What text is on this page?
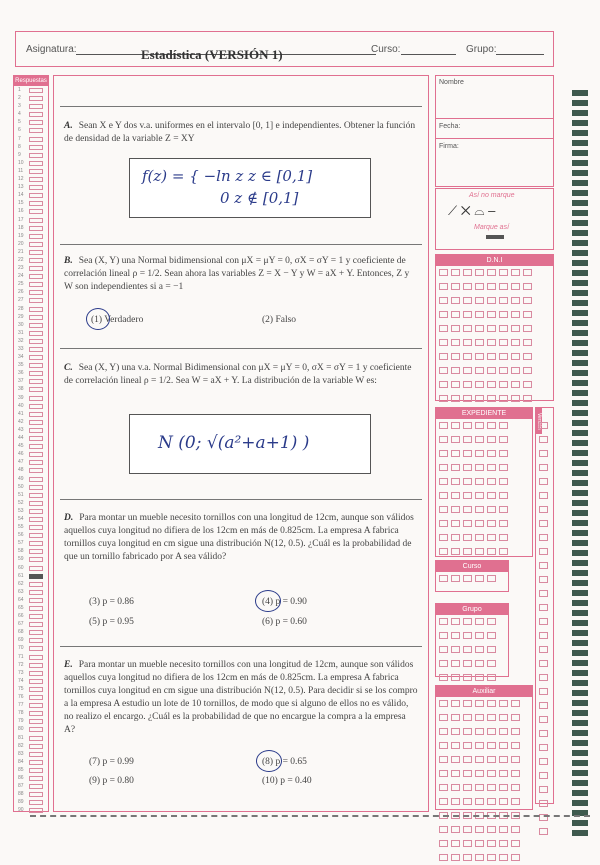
Asignatura:	Estadística (VERSIÓN 1)	Curso:	Grupo:
Respuestas
1
2
3
4
5
6
7
8
9
10
11
12
13
14
15
16
17
18
19
20
21
22
23
24
25
26
27
28
29
30
31
32
33
34
35
36
37
38
39
40
41
42
43
44
45
46
47
48
49
50
51
52
53
54
55
56
57
58
59
60
61
62
63
64
65
66
67
68
69
70
71
72
73
74
75
76
77
78
79
80
81
82
83
84
85
86
87
88
89
90
A. Sean X e Y dos v.a. uniformes en el intervalo [0, 1] e independientes. Obtener la función de densidad de la variable Z = XY
f(z) = { −ln z z ∈ [0,1]
0 z ∉ [0,1]
B. Sea (X, Y) una Normal bidimensional con μX = μY = 0, σX = σY = 1 y coeficiente de correlación lineal ρ = 1/2. Sean ahora las variables Z = X − Y y W = aX + Y. Entonces, Z y W son independientes si a = −1
(1) Verdadero	(2) Falso
C. Sea (X, Y) una v.a. Normal Bidimensional con μX = μY = 0, σX = σY = 1 y coeficiente de correlación lineal ρ = 1/2. Sea W = aX + Y. La distribución de la variable W es:
N (0; √(a²+a+1) )
D. Para montar un mueble necesito tornillos con una longitud de 12cm, aunque son válidos aquellos cuya longitud no difiera de los 12cm en más de 0.825cm. La empresa A fabrica tornillos cuya longitud en cm sigue una distribución N(12, 0.5). ¿Cuál es la probabilidad de que un tornillo fabricado por A sea válido?
(3) p = 0.86	(4) p = 0.90
(5) p = 0.95	(6) p = 0.60
E. Para montar un mueble necesito tornillos con una longitud de 12cm, aunque son válidos aquellos cuya longitud no difiera de los 12cm en más de 0.825cm. La empresa A fabrica tornillos cuya longitud en cm sigue una distribución N(12, 0.5). Para decidir si se los compro a la empresa A estudio un lote de 10 tornillos, de modo que si alguno de ellos no es válido, no realizo el encargo. ¿Cuál es la probabilidad de que no encargue la compra a la empresa A?
(7) p = 0.99	(8) p = 0.65
(9) p = 0.80	(10) p = 0.40
Nombre
Fecha:
Firma:
Así no marque
⟋ ✕ ⌓ ‒
Marque así
D.N.I
EXPEDIENTE	Versión
Curso
Grupo
Auxiliar
